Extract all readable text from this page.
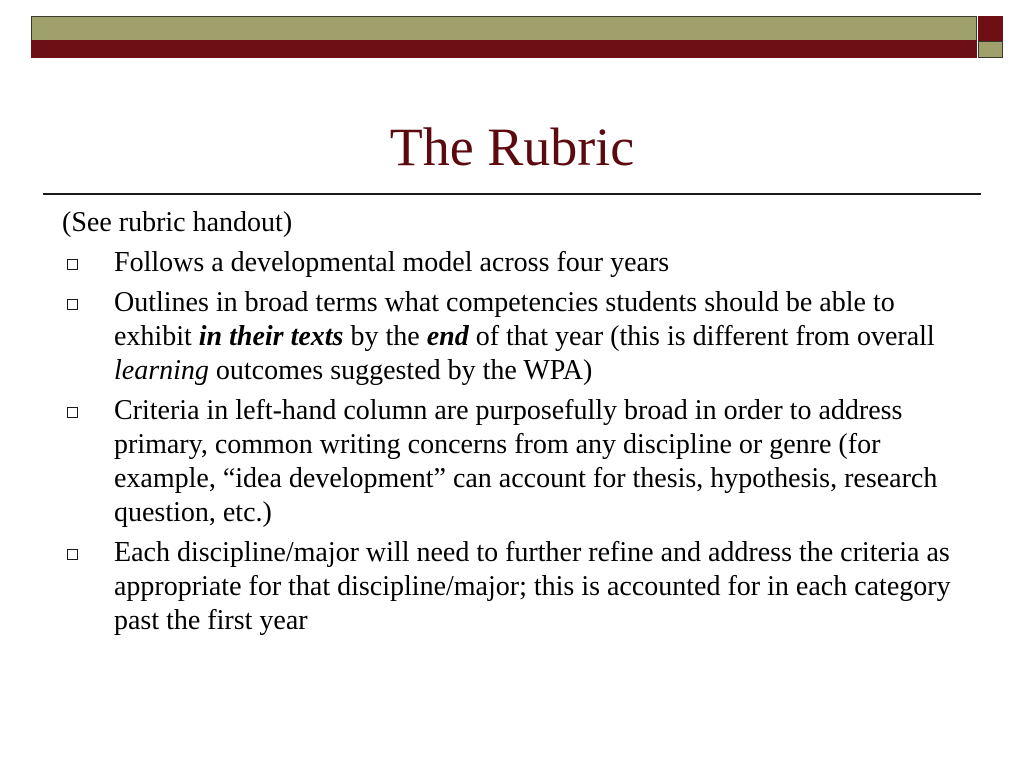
The Rubric
(See rubric handout)
Follows a developmental model across four years
Outlines in broad terms what competencies students should be able to exhibit in their texts by the end of that year (this is different from overall learning outcomes suggested by the WPA)
Criteria in left-hand column are purposefully broad in order to address primary, common writing concerns from any discipline or genre (for example, “idea development” can account for thesis, hypothesis, research question, etc.)
Each discipline/major will need to further refine and address the criteria as appropriate for that discipline/major; this is accounted for in each category past the first year
